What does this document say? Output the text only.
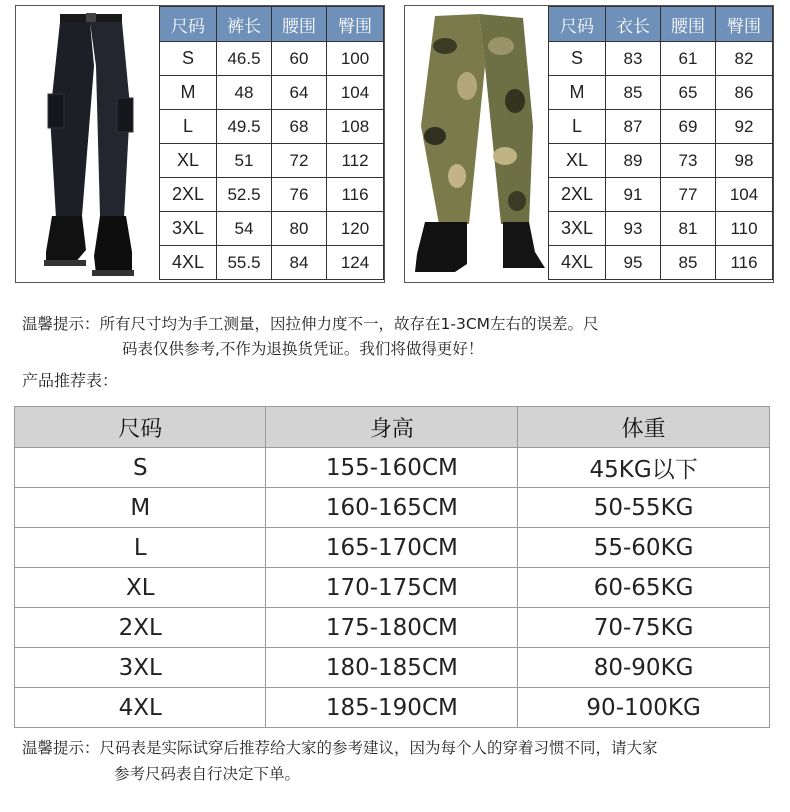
尺码	裤长	腰围	臀围
S	46.5	60	100
M	48	64	104
L	49.5	68	108
XL	51	72	112
2XL	52.5	76	116
3XL	54	80	120
4XL	55.5	84	124
尺码	衣长	腰围	臀围
S	83	61	82
M	85	65	86
L	87	69	92
XL	89	73	98
2XL	91	77	104
3XL	93	81	110
4XL	95	85	116
温馨提示：所有尺寸均为手工测量，因拉伸力度不一，故存在1-3CM左右的误差。尺
码表仅供参考,不作为退换货凭证。我们将做得更好！
产品推荐表：
尺码	身高	体重
S	155-160CM	45KG以下
M	160-165CM	50-55KG
L	165-170CM	55-60KG
XL	170-175CM	60-65KG
2XL	175-180CM	70-75KG
3XL	180-185CM	80-90KG
4XL	185-190CM	90-100KG
温馨提示：尺码表是实际试穿后推荐给大家的参考建议，因为每个人的穿着习惯不同，请大家
参考尺码表自行决定下单。
